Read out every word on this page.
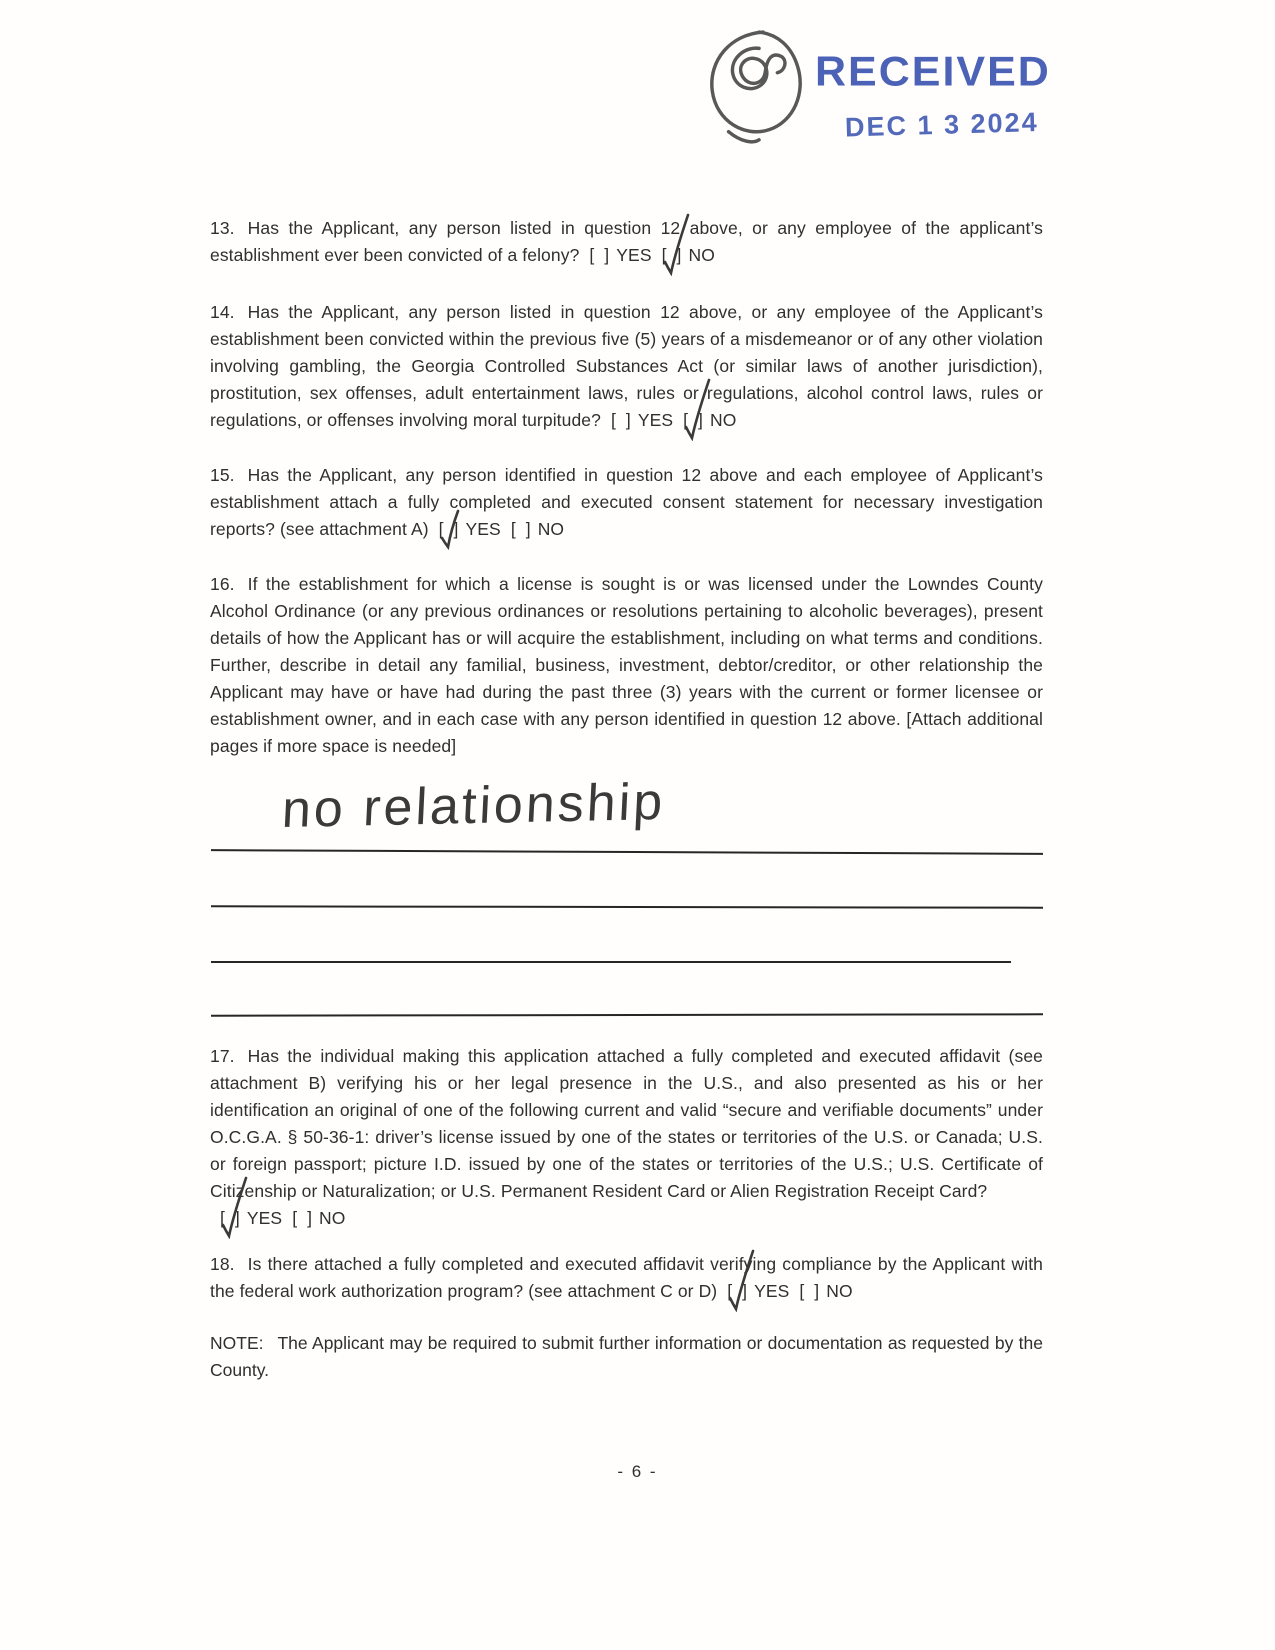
RECEIVED
DEC 1 3 2024

13. Has the Applicant, any person listed in question 12 above, or any employee of the applicant’s establishment ever been convicted of a felony? [  ] YES [  ] NO

14. Has the Applicant, any person listed in question 12 above, or any employee of the Applicant’s establishment been convicted within the previous five (5) years of a misdemeanor or of any other violation involving gambling, the Georgia Controlled Substances Act (or similar laws of another jurisdiction), prostitution, sex offenses, adult entertainment laws, rules or regulations, alcohol control laws, rules or regulations, or offenses involving moral turpitude? [  ] YES [  ] NO

15. Has the Applicant, any person identified in question 12 above and each employee of Applicant’s establishment attach a fully completed and executed consent statement for necessary investigation reports? (see attachment A) [  ] YES [  ] NO

16. If the establishment for which a license is sought is or was licensed under the Lowndes County Alcohol Ordinance (or any previous ordinances or resolutions pertaining to alcoholic beverages), present details of how the Applicant has or will acquire the establishment, including on what terms and conditions. Further, describe in detail any familial, business, investment, debtor/creditor, or other relationship the Applicant may have or have had during the past three (3) years with the current or former licensee or establishment owner, and in each case with any person identified in question 12 above. [Attach additional pages if more space is needed]

17. Has the individual making this application attached a fully completed and executed affidavit (see attachment B) verifying his or her legal presence in the U.S., and also presented as his or her identification an original of one of the following current and valid “secure and verifiable documents” under O.C.G.A. § 50-36-1: driver’s license issued by one of the states or territories of the U.S. or Canada; U.S. or foreign passport; picture I.D. issued by one of the states or territories of the U.S.; U.S. Certificate of Citizenship or Naturalization; or U.S. Permanent Resident Card or Alien Registration Receipt Card?
[  ] YES [  ] NO

18. Is there attached a fully completed and executed affidavit verifying compliance by the Applicant with the federal work authorization program? (see attachment C or D) [  ] YES [  ] NO

no relationship

NOTE: The Applicant may be required to submit further information or documentation as requested by the County.

- 6 -
